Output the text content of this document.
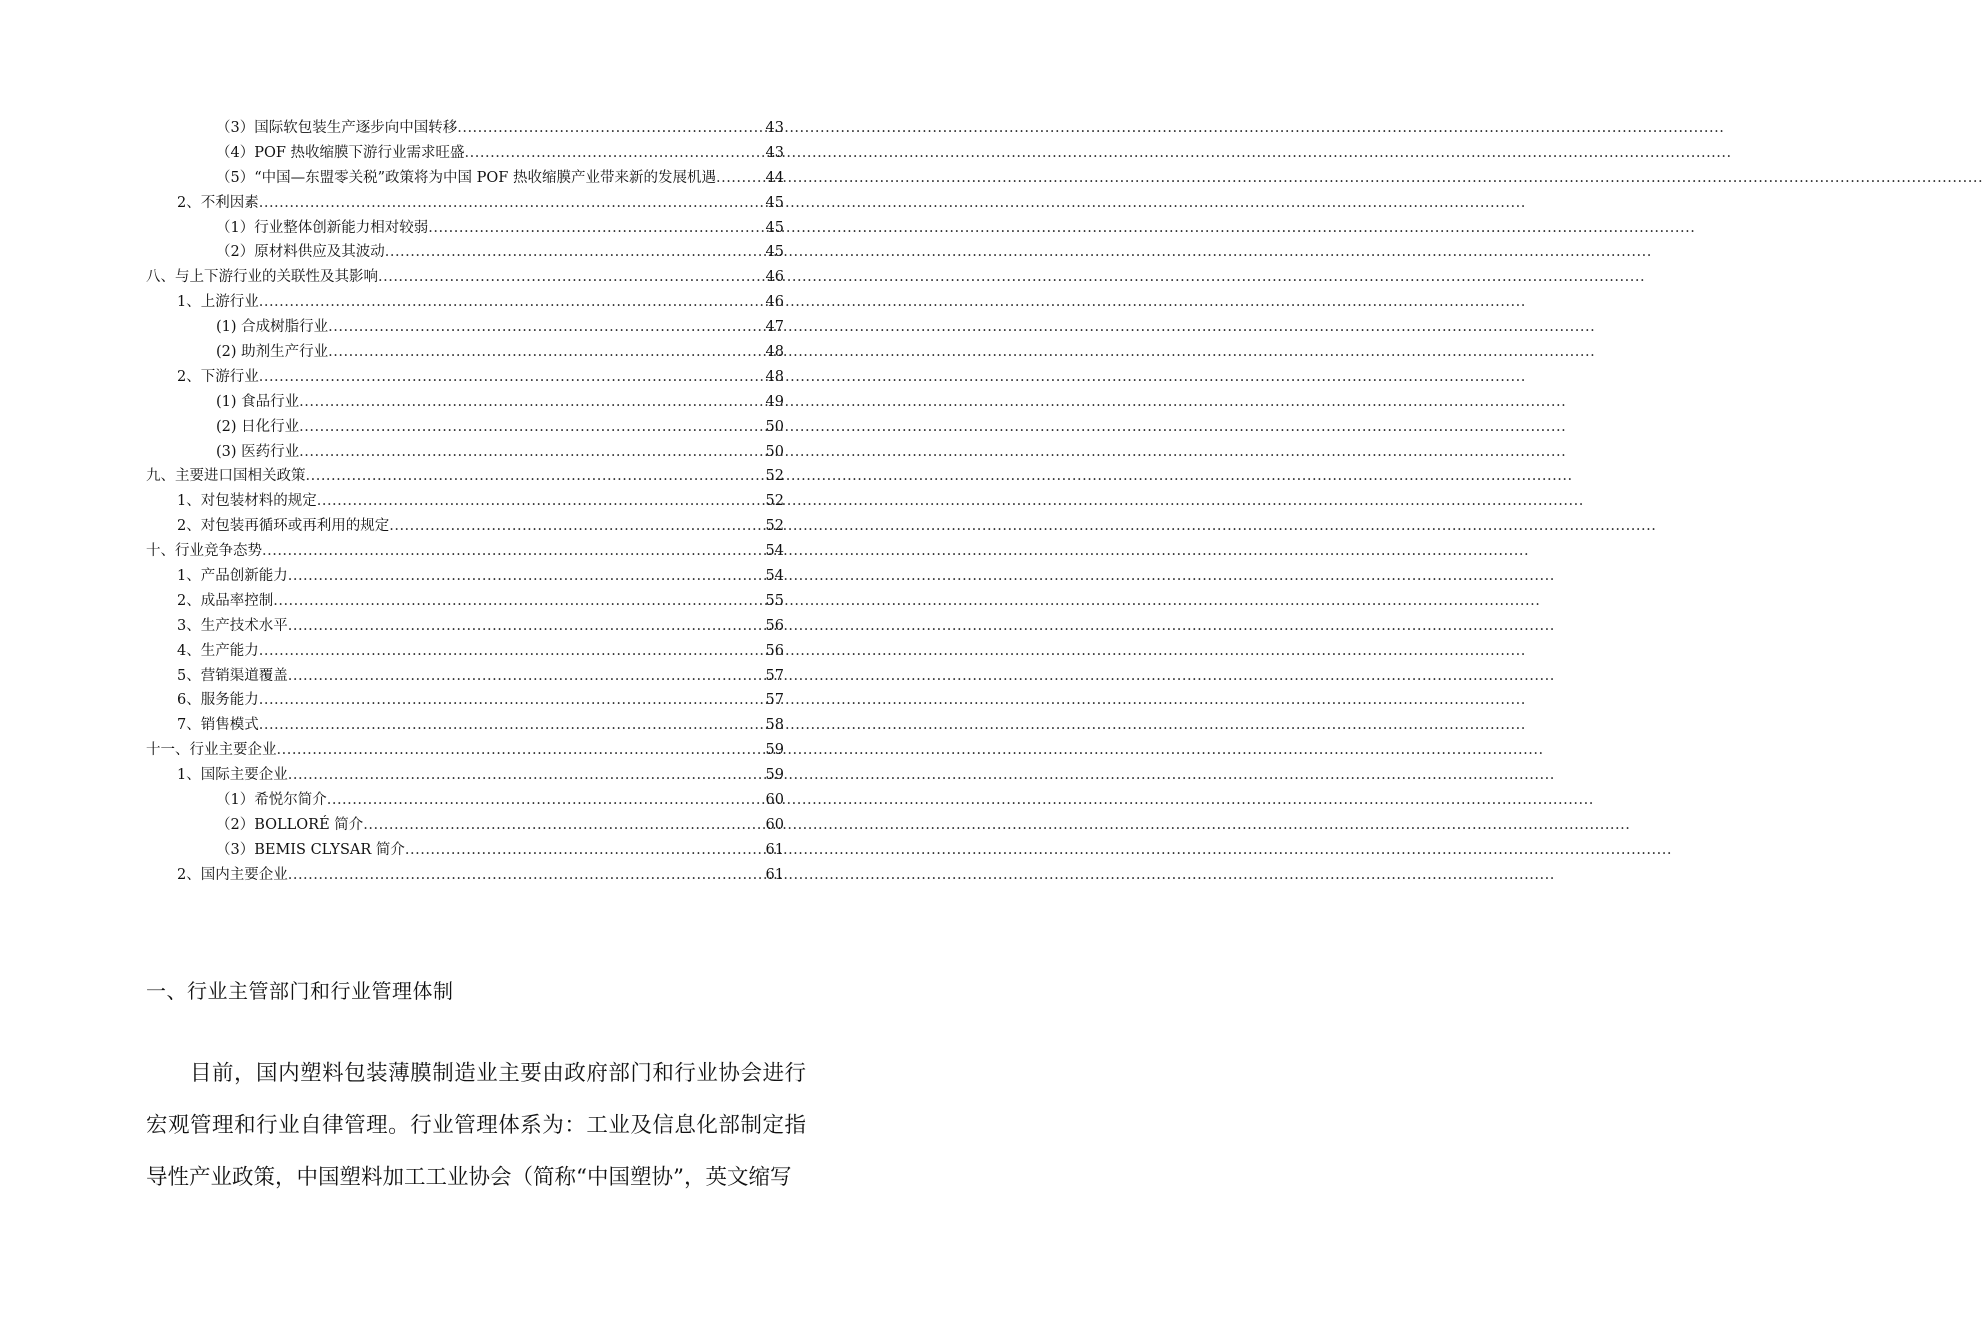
（3）国际软包装生产逐步向中国转移 .....	43
（4）POF 热收缩膜下游行业需求旺盛 .....	43
（5）“中国—东盟零关税”政策将为中国 POF 热收缩膜产业带来新的发展机遇 .....	44
2、不利因素 .....	45
（1）行业整体创新能力相对较弱 .....	45
（2）原材料供应及其波动 .....	45
八、与上下游行业的关联性及其影响 .....	46
1、上游行业 .....	46
(1) 合成树脂行业 .....	47
(2) 助剂生产行业 .....	48
2、下游行业 .....	48
(1) 食品行业 .....	49
(2) 日化行业 .....	50
(3) 医药行业 .....	50
九、主要进口国相关政策 .....	52
1、对包装材料的规定 .....	52
2、对包装再循环或再利用的规定 .....	52
十、行业竞争态势 .....	54
1、产品创新能力 .....	54
2、成品率控制 .....	55
3、生产技术水平 .....	56
4、生产能力 .....	56
5、营销渠道覆盖 .....	57
6、服务能力 .....	57
7、销售模式 .....	58
十一、行业主要企业 .....	59
1、国际主要企业 .....	59
（1）希悦尔简介 .....	60
（2）BOLLORÉ 简介 .....	60
（3）BEMIS CLYSAR 简介 .....	61
2、国内主要企业 .....	61
一、行业主管部门和行业管理体制
目前，国内塑料包装薄膜制造业主要由政府部门和行业协会进行宏观管理和行业自律管理。行业管理体系为：工业及信息化部制定指导性产业政策，中国塑料加工工业协会（简称“中国塑协”，英文缩写
